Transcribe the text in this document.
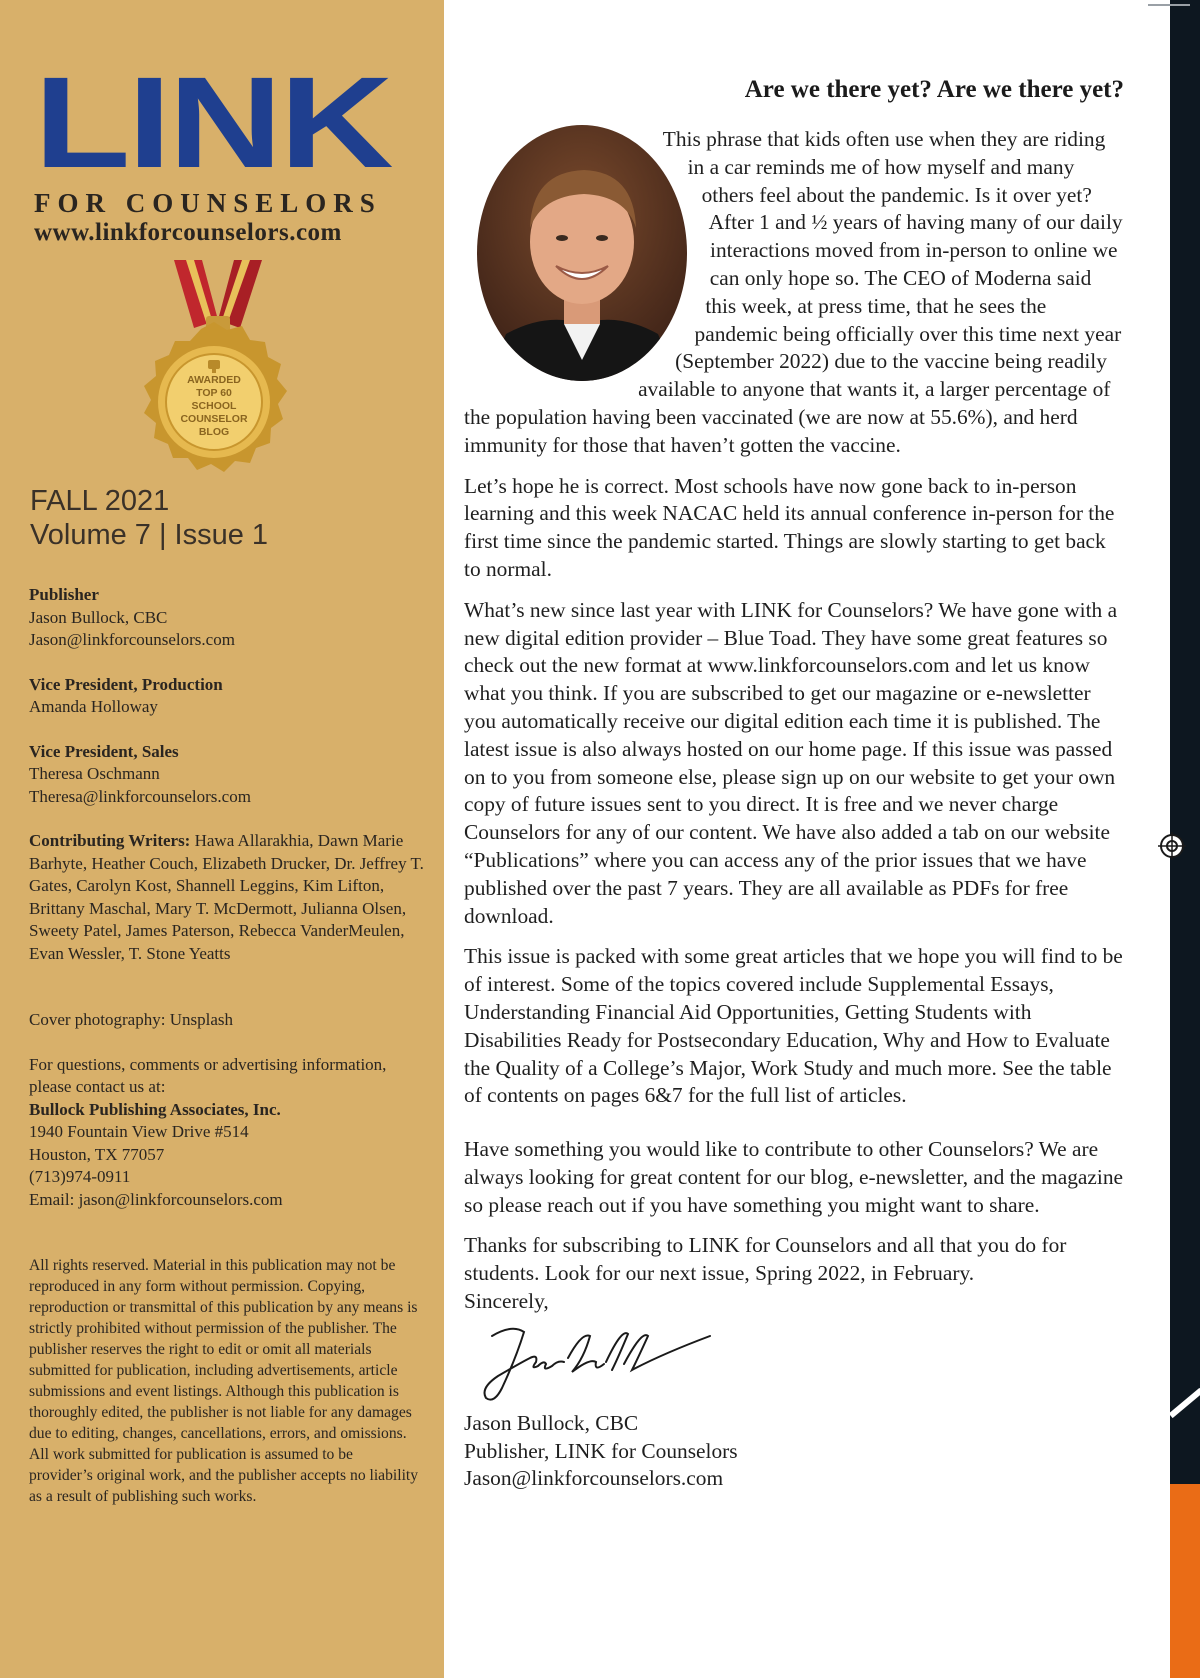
LINK
FOR COUNSELORS
www.linkforcounselors.com
AWARDED
TOP 60
SCHOOL
COUNSELOR
BLOG
FALL 2021
Volume 7 | Issue 1
Publisher
Jason Bullock, CBC
Jason@linkforcounselors.com
Vice President, Production
Amanda Holloway
Vice President, Sales
Theresa Oschmann
Theresa@linkforcounselors.com
Contributing Writers: Hawa Allarakhia, Dawn Marie Barhyte, Heather Couch, Elizabeth Drucker, Dr. Jeffrey T. Gates, Carolyn Kost, Shannell Leggins, Kim Lifton, Brittany Maschal, Mary T. McDermott, Julianna Olsen, Sweety Patel, James Paterson, Rebecca VanderMeulen, Evan Wessler, T. Stone Yeatts
Cover photography: Unsplash
For questions, comments or advertising information, please contact us at:
Bullock Publishing Associates, Inc.
1940 Fountain View Drive #514
Houston, TX 77057
(713)974-0911
Email: jason@linkforcounselors.com
All rights reserved. Material in this publication may not be reproduced in any form without permission. Copying, reproduction or transmittal of this publication by any means is strictly prohibited without permission of the publisher. The publisher reserves the right to edit or omit all materials submitted for publication, including advertisements, article submissions and event listings. Although this publication is thoroughly edited, the publisher is not liable for any damages due to editing, changes, cancellations, errors, and omissions. All work submitted for publication is assumed to be provider’s original work, and the publisher accepts no liability as a result of publishing such works.
Are we there yet? Are we there yet?

This phrase that kids often use when they are riding in a car reminds me of how myself and many others feel about the pandemic. Is it over yet? After 1 and ½ years of having many of our daily interactions moved from in-person to online we can only hope so. The CEO of Moderna said this week, at press time, that he sees the pandemic being officially over this time next year (September 2022) due to the vaccine being readily available to anyone that wants it, a larger percentage of the population having been vaccinated (we are now at 55.6%), and herd immunity for those that haven’t gotten the vaccine.

Let’s hope he is correct. Most schools have now gone back to in-person learning and this week NACAC held its annual conference in-person for the first time since the pandemic started. Things are slowly starting to get back to normal.

What’s new since last year with LINK for Counselors? We have gone with a new digital edition provider – Blue Toad. They have some great features so check out the new format at www.linkforcounselors.com and let us know what you think. If you are subscribed to get our magazine or e-newsletter you automatically receive our digital edition each time it is published. The latest issue is also always hosted on our home page. If this issue was passed on to you from someone else, please sign up on our website to get your own copy of future issues sent to you direct. It is free and we never charge Counselors for any of our content. We have also added a tab on our website “Publications” where you can access any of the prior issues that we have published over the past 7 years. They are all available as PDFs for free download.

This issue is packed with some great articles that we hope you will find to be of interest. Some of the topics covered include Supplemental Essays, Understanding Financial Aid Opportunities, Getting Students with Disabilities Ready for Postsecondary Education, Why and How to Evaluate the Quality of a College’s Major, Work Study and much more. See the table of contents on pages 6&7 for the full list of articles.

Have something you would like to contribute to other Counselors? We are always looking for great content for our blog, e-newsletter, and the magazine so please reach out if you have something you might want to share.

Thanks for subscribing to LINK for Counselors and all that you do for students. Look for our next issue, Spring 2022, in February.

Sincerely,
Jason Bullock, CBC
Publisher, LINK for Counselors
Jason@linkforcounselors.com
